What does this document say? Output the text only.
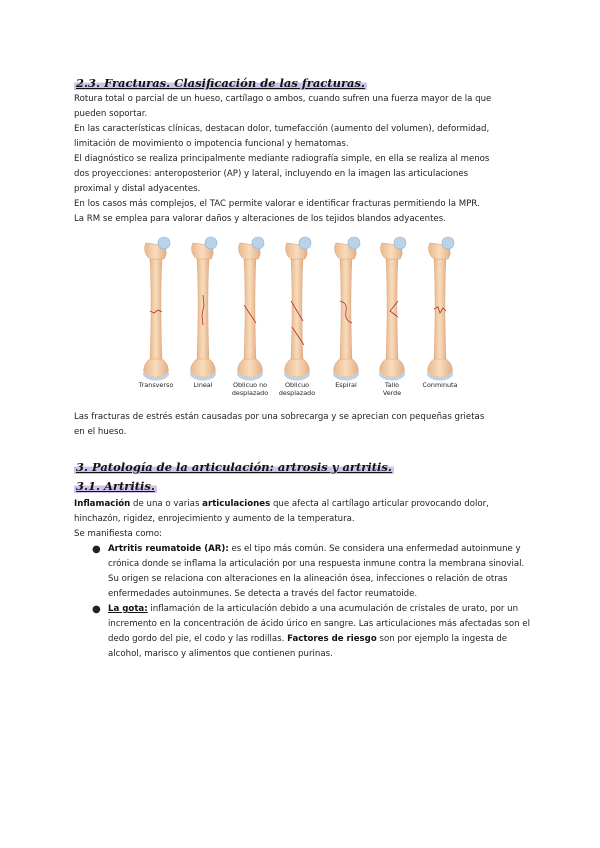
2.3. Fracturas. Clasificación de las fracturas.

Rotura total o parcial de un hueso, cartílago o ambos, cuando sufren una fuerza mayor de la que

pueden soportar.

En las características clínicas, destacan dolor, tumefacción (aumento del volumen), deformidad,

limitación de movimiento o impotencia funcional y hematomas.

El diagnóstico se realiza principalmente mediante radiografía simple, en ella se realiza al menos

dos proyecciones: anteroposterior (AP) y lateral, incluyendo en la imagen las articulaciones

proximal y distal adyacentes.

En los casos más complejos, el TAC permite valorar e identificar fracturas permitiendo la MPR.

La RM se emplea para valorar daños y alteraciones de los tejidos blandos adyacentes.

Transverso	Lineal	Oblicuo no
desplazado
Oblicuo
desplazado
Espiral	Tallo
Verde
Conminuta

Las fracturas de estrés están causadas por una sobrecarga y se aprecian con pequeñas grietas

en el hueso.

3. Patología de la articulación: artrosis y artritis.
3.1. Artritis.

Inflamación de una o varias articulaciones que afecta al cartílago articular provocando dolor,

hinchazón, rigidez, enrojecimiento y aumento de la temperatura.

Se manifiesta como:

● Artritis reumatoide (AR): es el tipo más común. Se considera una enfermedad autoinmune y crónica donde se inflama la articulación por una respuesta inmune contra la membrana sinovial. Su origen se relaciona con alteraciones en la alineación ósea, infecciones o relación de otras enfermedades autoinmunes. Se detecta a través del factor reumatoide.
● La gota: inflamación de la articulación debido a una acumulación de cristales de urato, por un incremento en la concentración de ácido úrico en sangre. Las articulaciones más afectadas son el dedo gordo del pie, el codo y las rodillas. Factores de riesgo son por ejemplo la ingesta de alcohol, marisco y alimentos que contienen purinas.
